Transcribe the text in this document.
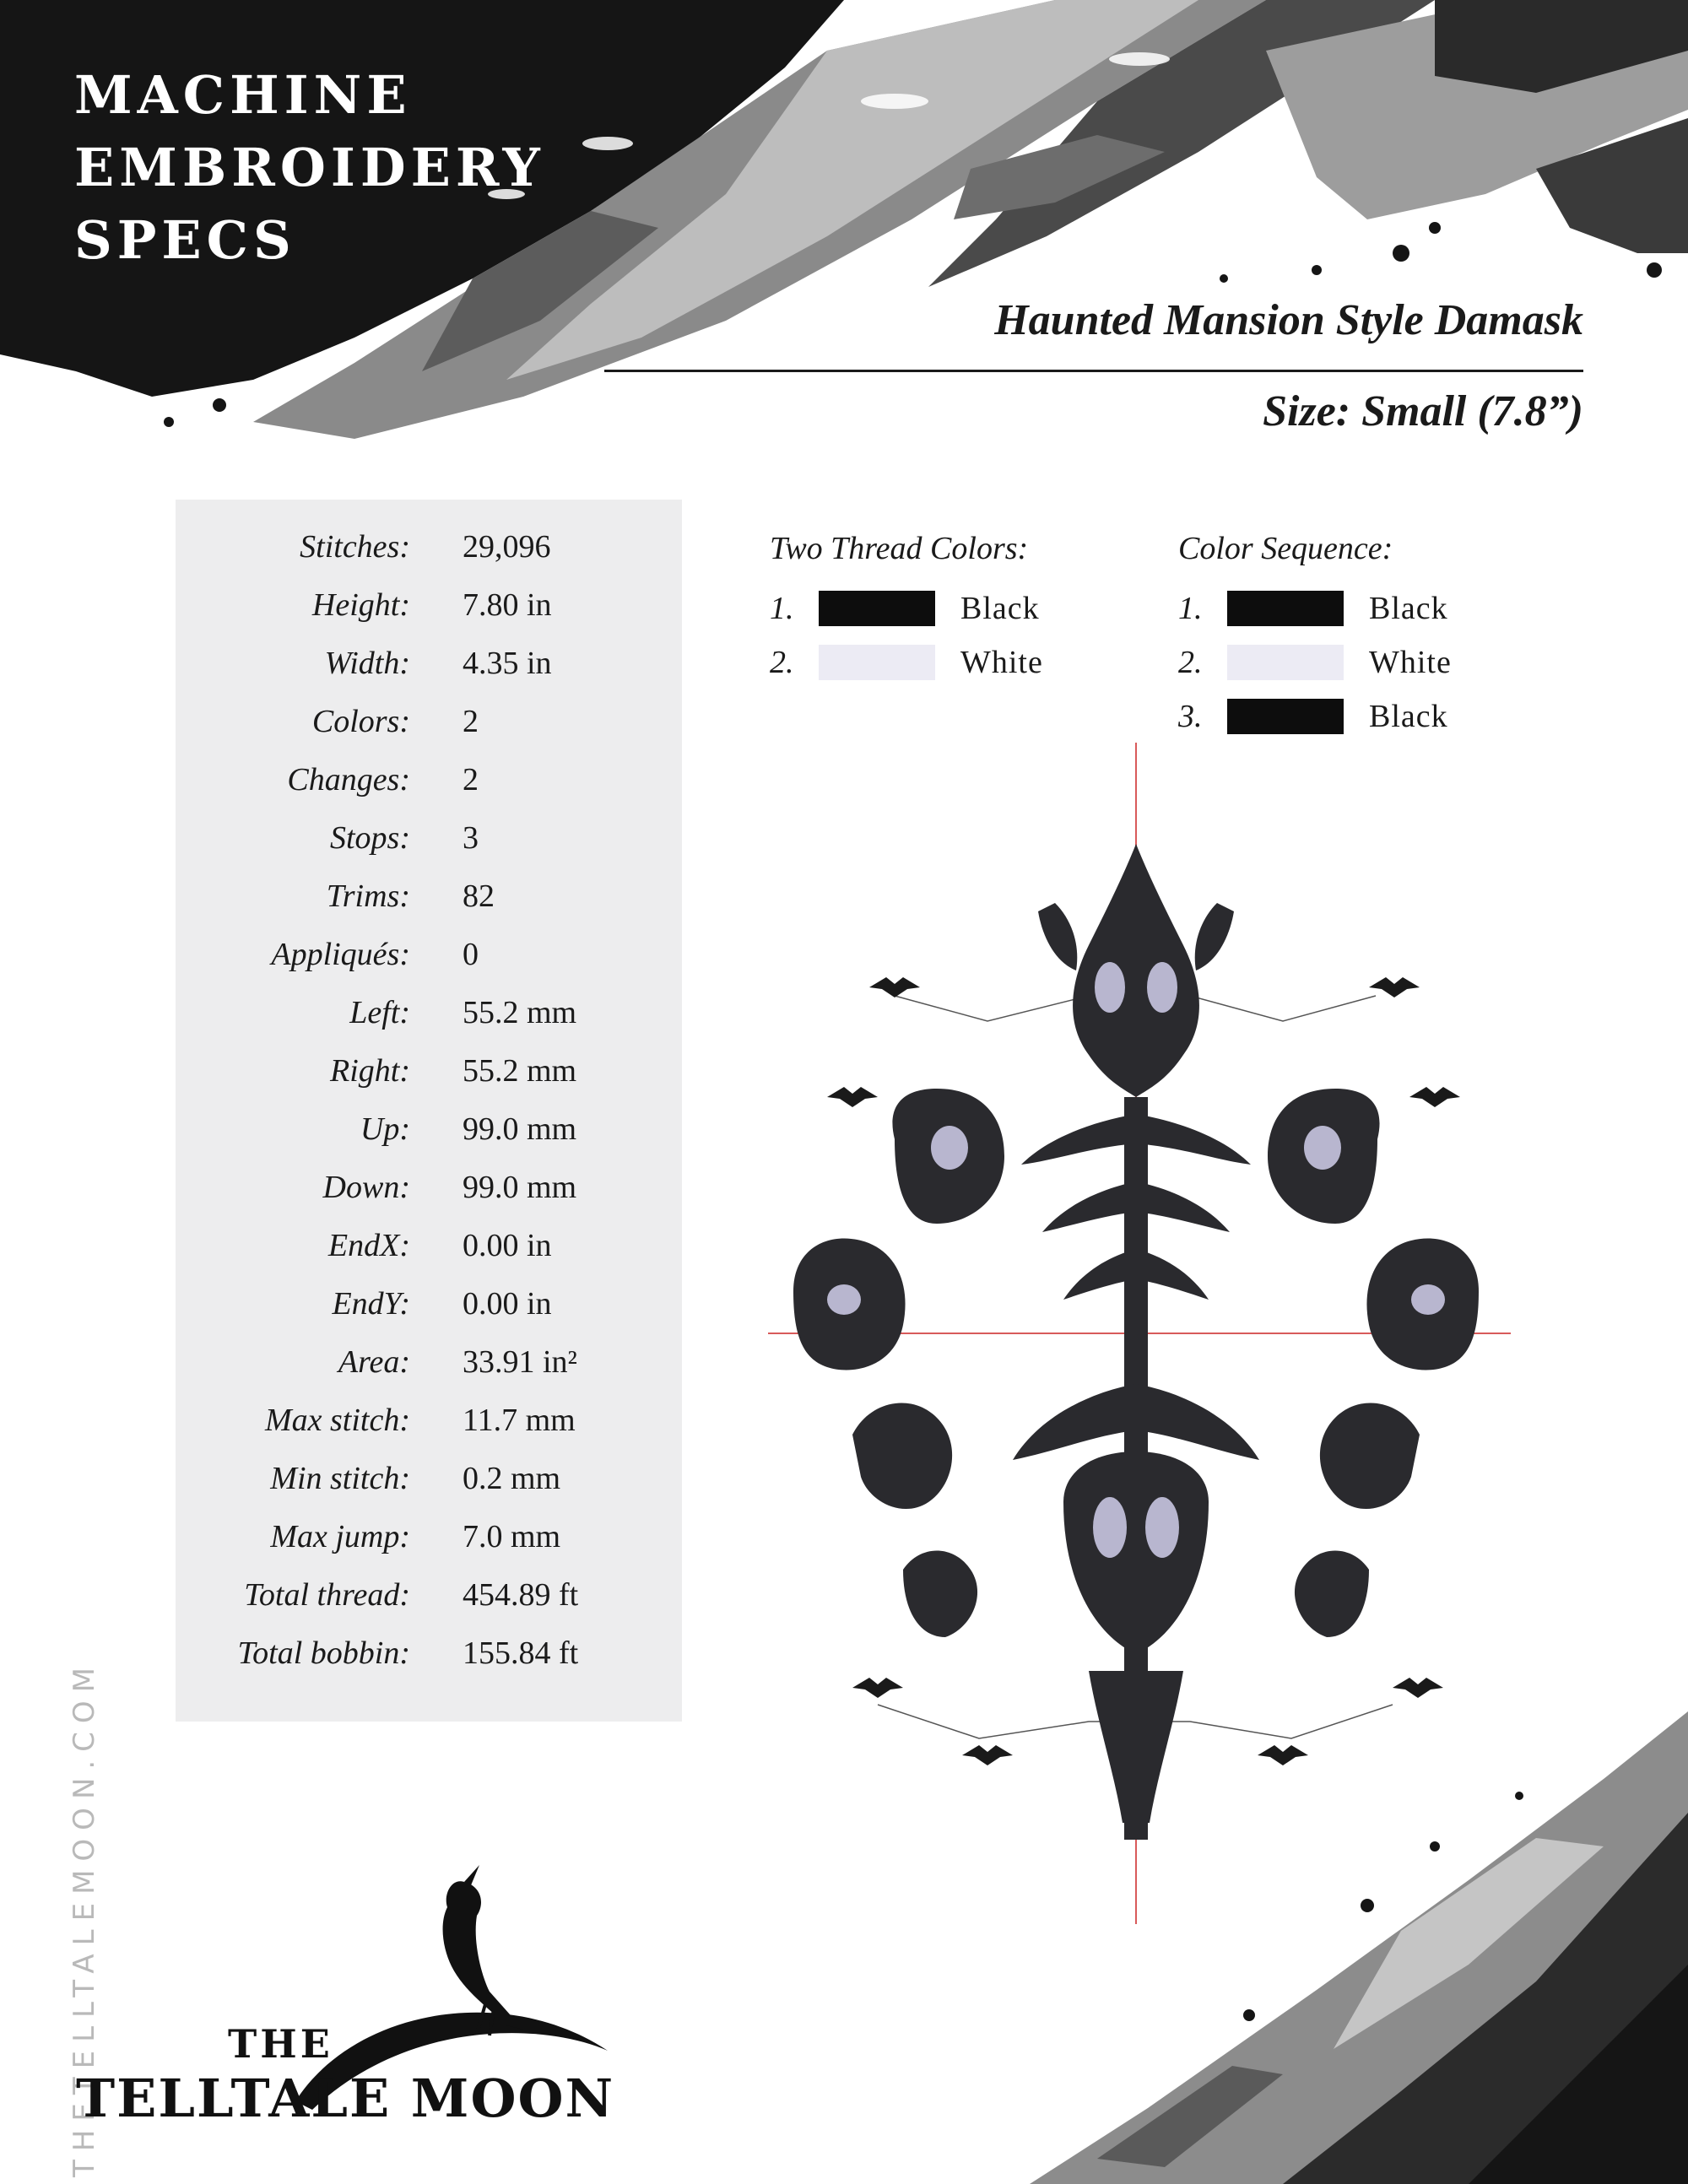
MACHINE
EMBROIDERY
SPECS
Haunted Mansion Style Damask
Size: Small (7.8”)
Stitches: 29,096
Height: 7.80 in
Width: 4.35 in
Colors: 2
Changes: 2
Stops: 3
Trims: 82
Appliqués: 0
Left: 55.2 mm
Right: 55.2 mm
Up: 99.0 mm
Down: 99.0 mm
EndX: 0.00 in
EndY: 0.00 in
Area: 33.91 in²
Max stitch: 11.7 mm
Min stitch: 0.2 mm
Max jump: 7.0 mm
Total thread: 454.89 ft
Total bobbin: 155.84 ft
Two Thread Colors:
1.	Black
2.	White
Color Sequence:
1.	Black
2.	White
3.	Black
THETELLTALEMOON.COM	THE
TELLTALE MOON
